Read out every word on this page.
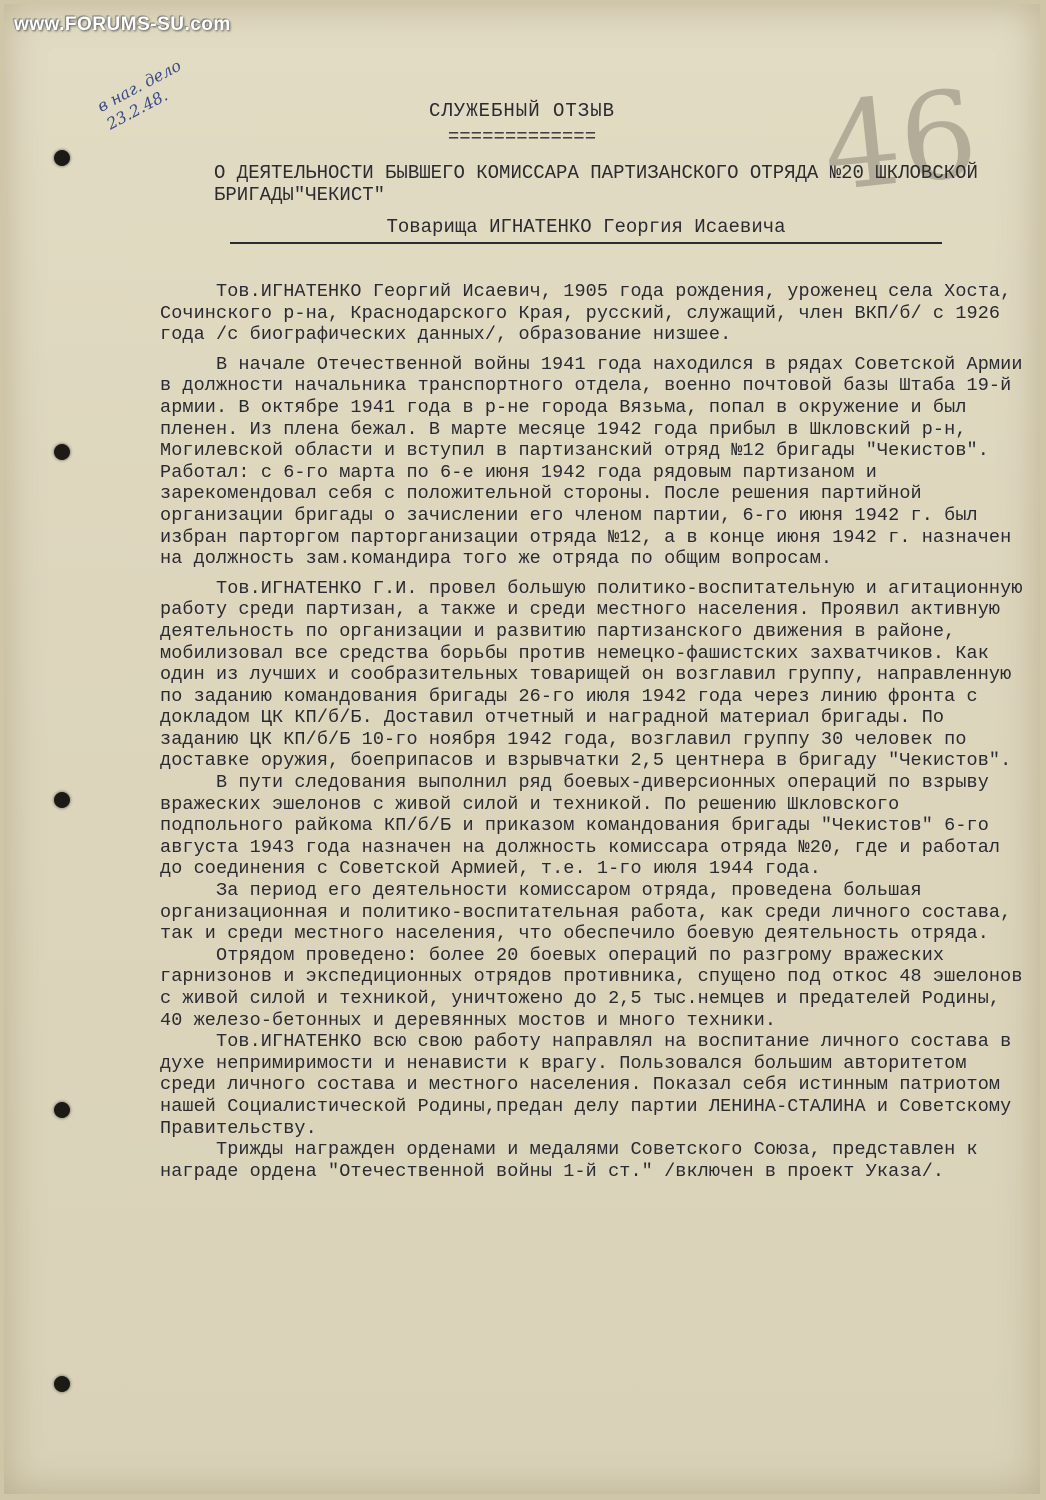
www.FORUMS-SU.com
в наг. дело 23.2.48.	46
СЛУЖЕБНЫЙ ОТЗЫВ
=============
О ДЕЯТЕЛЬНОСТИ БЫВШЕГО КОМИССАРА ПАРТИЗАНСКОГО ОТРЯДА №20 ШКЛОВСКОЙ БРИГАДЫ"ЧЕКИСТ"
Товарища ИГНАТЕНКО Георгия Исаевича

Тов.ИГНАТЕНКО Георгий Исаевич, 1905 года рождения, уроженец села Хоста, Сочинского р-на, Краснодарского Края, русский, служащий, член ВКП/б/ с 1926 года /с биографических данных/, образование низшее.

В начале Отечественной войны 1941 года находился в рядах Советской Армии в должности начальника транспортного отдела, военно почтовой базы Штаба 19-й армии. В октябре 1941 года в р-не города Вязьма, попал в окружение и был пленен. Из плена бежал. В марте месяце 1942 года прибыл в Шкловский р-н, Могилевской области и вступил в партизанский отряд №12 бригады "Чекистов". Работал: с 6-го марта по 6-е июня 1942 года рядовым партизаном и зарекомендовал себя с положительной стороны. После решения партийной организации бригады о зачислении его членом партии, 6-го июня 1942 г. был избран парторгом парторганизации отряда №12, а в конце июня 1942 г. назначен на должность зам.командира того же отряда по общим вопросам.

Тов.ИГНАТЕНКО Г.И. провел большую политико-воспитательную и агитационную работу среди партизан, а также и среди местного населения. Проявил активную деятельность по организации и развитию партизанского движения в районе, мобилизовал все средства борьбы против немецко-фашистских захватчиков. Как один из лучших и сообразительных товарищей он возглавил группу, направленную по заданию командования бригады 26-го июля 1942 года через линию фронта с докладом ЦК КП/б/Б. Доставил отчетный и наградной материал бригады. По заданию ЦК КП/б/Б 10-го ноября 1942 года, возглавил группу 30 человек по доставке оружия, боеприпасов и взрывчатки 2,5 центнера в бригаду "Чекистов".

В пути следования выполнил ряд боевых-диверсионных операций по взрыву вражеских эшелонов с живой силой и техникой. По решению Шкловского подпольного райкома КП/б/Б и приказом командования бригады "Чекистов" 6-го августа 1943 года назначен на должность комиссара отряда №20, где и работал до соединения с Советской Армией, т.е. 1-го июля 1944 года.

За период его деятельности комиссаром отряда, проведена большая организационная и политико-воспитательная работа, как среди личного состава, так и среди местного населения, что обеспечило боевую деятельность отряда.

Отрядом проведено: более 20 боевых операций по разгрому вражеских гарнизонов и экспедиционных отрядов противника, спущено под откос 48 эшелонов с живой силой и техникой, уничтожено до 2,5 тыс.немцев и предателей Родины, 40 железо-бетонных и деревянных мостов и много техники.

Тов.ИГНАТЕНКО всю свою работу направлял на воспитание личного состава в духе непримиримости и ненависти к врагу. Пользовался большим авторитетом среди личного состава и местного населения. Показал себя истинным патриотом нашей Социалистической Родины,предан делу партии ЛЕНИНА-СТАЛИНА и Советскому Правительству.

Трижды награжден орденами и медалями Советского Союза, представлен к награде ордена "Отечественной войны 1-й ст." /включен в проект Указа/.
